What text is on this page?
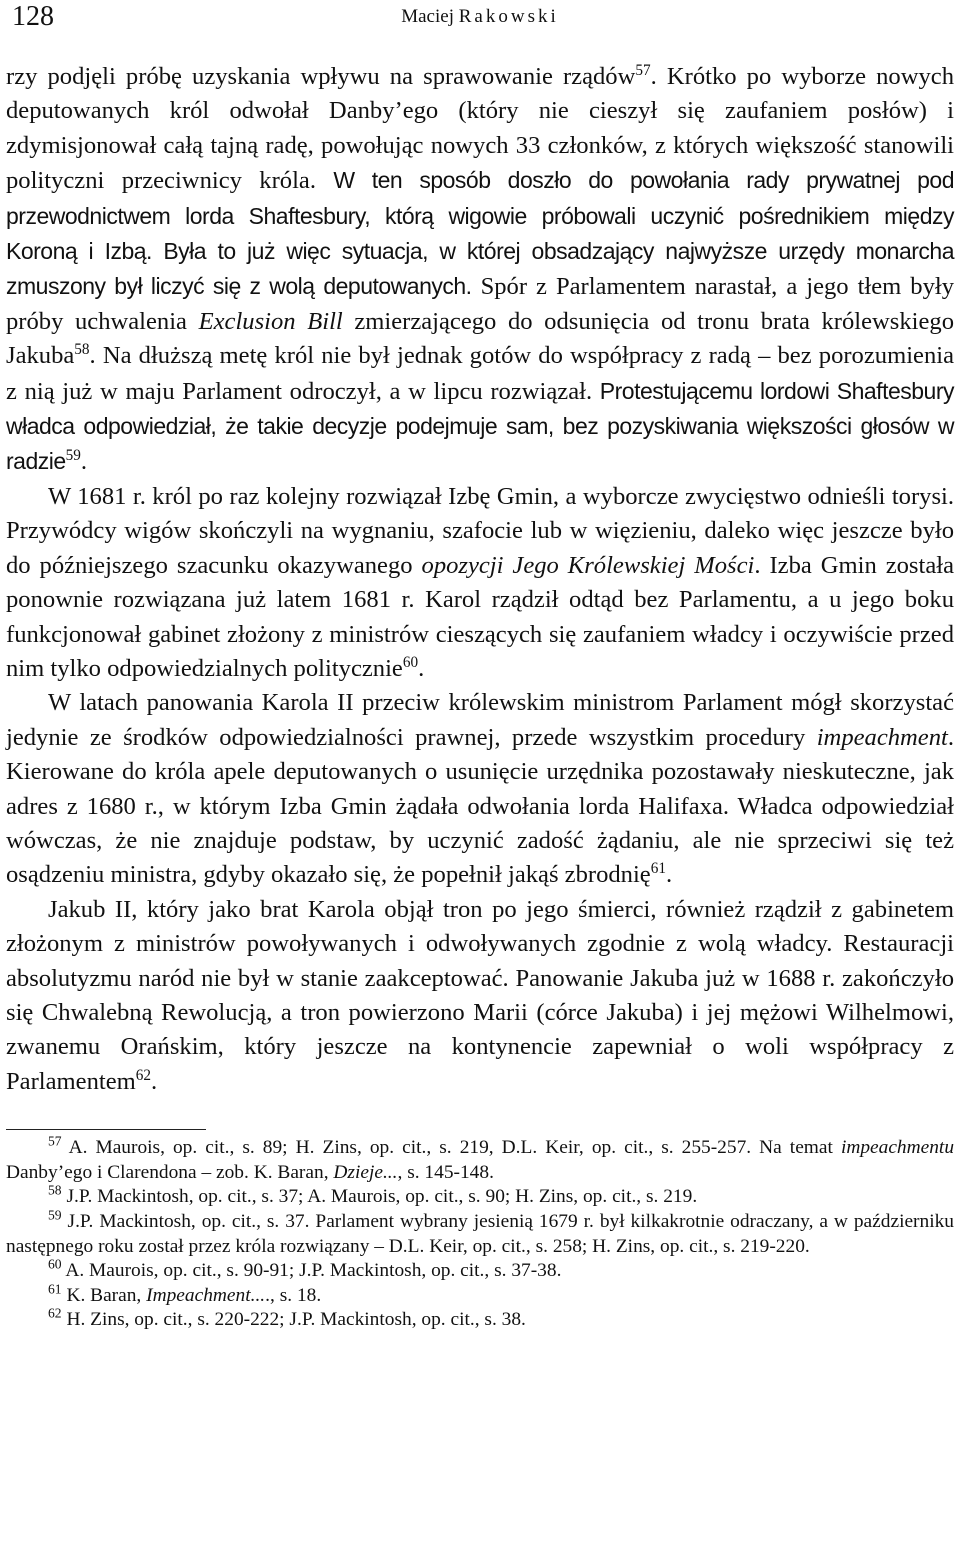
128	Maciej Rakowski

rzy podjęli próbę uzyskania wpływu na sprawowanie rządów$^{57}$. Krótko po wyborze nowych deputowanych król odwołał Danby’ego (który nie cieszył się zaufaniem posłów) i zdymisjonował całą tajną radę, powołując nowych 33 członków, z których większość stanowili polityczni przeciwnicy króla. W ten sposób doszło do powołania rady prywatnej pod przewodnictwem lorda Shaftesbury, którą wigowie próbowali uczynić pośrednikiem między Koroną i Izbą. Była to już więc sytuacja, w której obsadzający najwyższe urzędy monarcha zmuszony był liczyć się z wolą deputowanych. Spór z Parlamentem narastał, a jego tłem były próby uchwalenia Exclusion Bill zmierzającego do odsunięcia od tronu brata królewskiego Jakuba$^{58}$. Na dłuższą metę król nie był jednak gotów do współpracy z radą – bez porozumienia z nią już w maju Parlament odroczył, a w lipcu rozwiązał. Protestującemu lordowi Shaftesbury władca odpowiedział, że takie decyzje podejmuje sam, bez pozyskiwania większości głosów w radzie$^{59}$.

W 1681 r. król po raz kolejny rozwiązał Izbę Gmin, a wyborcze zwycięstwo odnieśli torysi. Przywódcy wigów skończyli na wygnaniu, szafocie lub w więzieniu, daleko więc jeszcze było do późniejszego szacunku okazywanego opozycji Jego Królewskiej Mości. Izba Gmin została ponownie rozwiązana już latem 1681 r. Karol rządził odtąd bez Parlamentu, a u jego boku funkcjonował gabinet złożony z ministrów cieszących się zaufaniem władcy i oczywiście przed nim tylko odpowiedzialnych politycznie$^{60}$.

W latach panowania Karola II przeciw królewskim ministrom Parlament mógł skorzystać jedynie ze środków odpowiedzialności prawnej, przede wszystkim procedury impeachment. Kierowane do króla apele deputowanych o usunięcie urzędnika pozostawały nieskuteczne, jak adres z 1680 r., w którym Izba Gmin żądała odwołania lorda Halifaxa. Władca odpowiedział wówczas, że nie znajduje podstaw, by uczynić zadość żądaniu, ale nie sprzeciwi się też osądzeniu ministra, gdyby okazało się, że popełnił jakąś zbrodnię$^{61}$.

Jakub II, który jako brat Karola objął tron po jego śmierci, również rządził z gabinetem złożonym z ministrów powoływanych i odwoływanych zgodnie z wolą władcy. Restauracji absolutyzmu naród nie był w stanie zaakceptować. Panowanie Jakuba już w 1688 r. zakończyło się Chwalebną Rewolucją, a tron powierzono Marii (córce Jakuba) i jej mężowi Wilhelmowi, zwanemu Orańskim, który jeszcze na kontynencie zapewniał o woli współpracy z Parlamentem$^{62}$.

$^{57}$ A. Maurois, op. cit., s. 89; H. Zins, op. cit., s. 219, D.L. Keir, op. cit., s. 255-257. Na temat impeachmentu Danby’ego i Clarendona – zob. K. Baran, Dzieje..., s. 145-148.

$^{58}$ J.P. Mackintosh, op. cit., s. 37; A. Maurois, op. cit., s. 90; H. Zins, op. cit., s. 219.

$^{59}$ J.P. Mackintosh, op. cit., s. 37. Parlament wybrany jesienią 1679 r. był kilkakrotnie odraczany, a w październiku następnego roku został przez króla rozwiązany – D.L. Keir, op. cit., s. 258; H. Zins, op. cit., s. 219-220.

$^{60}$ A. Maurois, op. cit., s. 90-91; J.P. Mackintosh, op. cit., s. 37-38.

$^{61}$ K. Baran, Impeachment...., s. 18.

$^{62}$ H. Zins, op. cit., s. 220-222; J.P. Mackintosh, op. cit., s. 38.
